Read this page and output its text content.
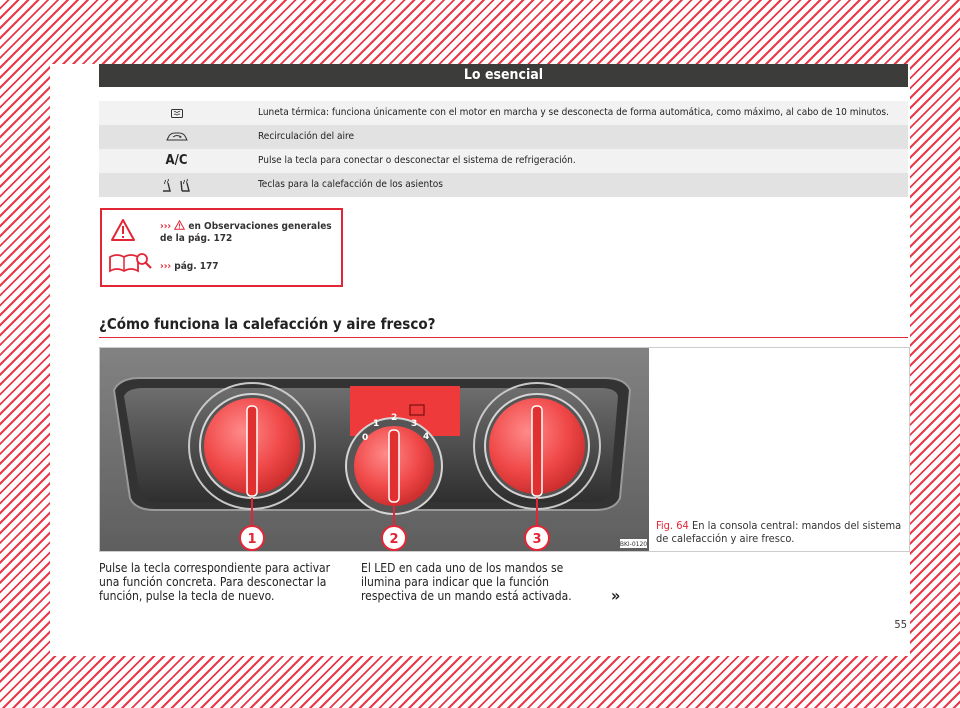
Lo esencial
Luneta térmica: funciona únicamente con el motor en marcha y se desconecta de forma automática, como máximo, al cabo de 10 minutos.
Recirculación del aire
A/C	Pulse la tecla para conectar o desconectar el sistema de refrigeración.
Teclas para la calefacción de los asientos
››› en Observaciones generales de la pág. 172
››› pág. 177
¿Cómo funciona la calefacción y aire fresco?
0
1
2
3
4
1	2	3	BKI-0120
Fig. 64 En la consola central: mandos del sistema de calefacción y aire fresco.
Pulse la tecla correspondiente para activar una función concreta. Para desconectar la función, pulse la tecla de nuevo.
El LED en cada uno de los mandos se ilumina para indicar que la función respectiva de un mando está activada.	»
55
